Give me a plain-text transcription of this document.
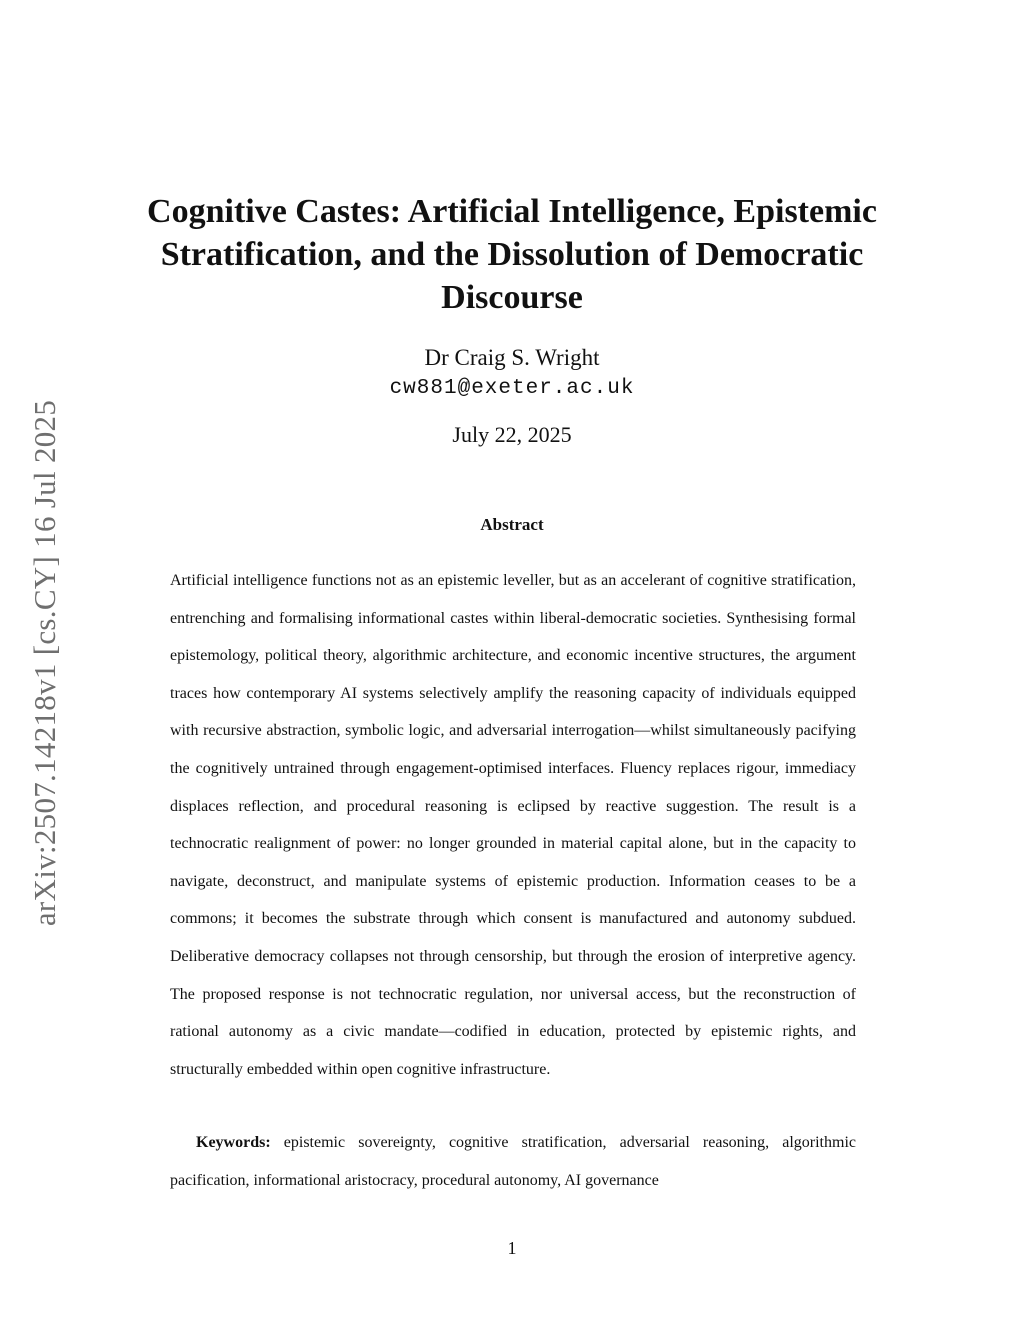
arXiv:2507.14218v1 [cs.CY] 16 Jul 2025
Cognitive Castes: Artificial Intelligence, Epistemic Stratification, and the Dissolution of Democratic Discourse
Dr Craig S. Wright
cw881@exeter.ac.uk
July 22, 2025
Abstract

Artificial intelligence functions not as an epistemic leveller, but as an accelerant of cognitive stratification, entrenching and formalising informational castes within liberal-democratic societies. Synthesising formal epistemology, political theory, algorithmic architecture, and economic incentive structures, the argument traces how contemporary AI systems selectively amplify the reasoning capacity of individuals equipped with recursive abstraction, symbolic logic, and adversarial interrogation—whilst simultaneously pacifying the cognitively untrained through engagement-optimised interfaces. Fluency replaces rigour, immediacy displaces reflection, and procedural reasoning is eclipsed by reactive suggestion. The result is a technocratic realignment of power: no longer grounded in material capital alone, but in the capacity to navigate, deconstruct, and manipulate systems of epistemic production. Information ceases to be a commons; it becomes the substrate through which consent is manufactured and autonomy subdued. Deliberative democracy collapses not through censorship, but through the erosion of interpretive agency. The proposed response is not technocratic regulation, nor universal access, but the reconstruction of rational autonomy as a civic mandate—codified in education, protected by epistemic rights, and structurally embedded within open cognitive infrastructure.

Keywords: epistemic sovereignty, cognitive stratification, adversarial reasoning, algorithmic pacification, informational aristocracy, procedural autonomy, AI governance

1
